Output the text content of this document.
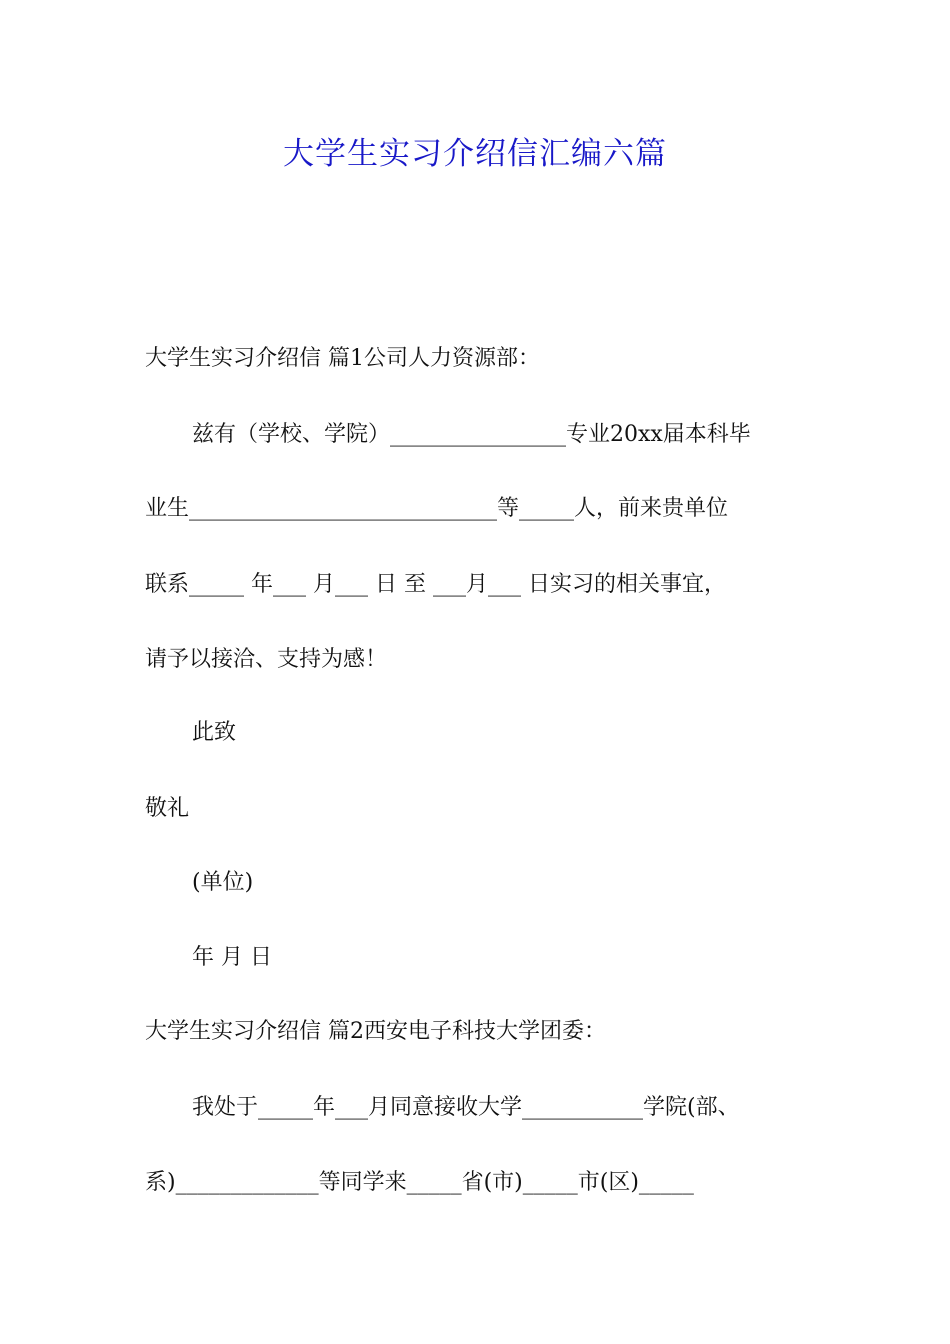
大学生实习介绍信汇编六篇

大学生实习介绍信 篇1公司人力资源部：

兹有（学校、学院）________________专业20xx届本科毕

业生____________________________等_____人，前来贵单位

联系_____ 年___ 月___ 日 至 ___月___ 日实习的相关事宜，

请予以接洽、支持为感！

此致

敬礼

(单位)

年 月 日

大学生实习介绍信 篇2西安电子科技大学团委：

我处于_____年___月同意接收大学___________学院(部、

系)_____________等同学来_____省(市)_____市(区)_____
